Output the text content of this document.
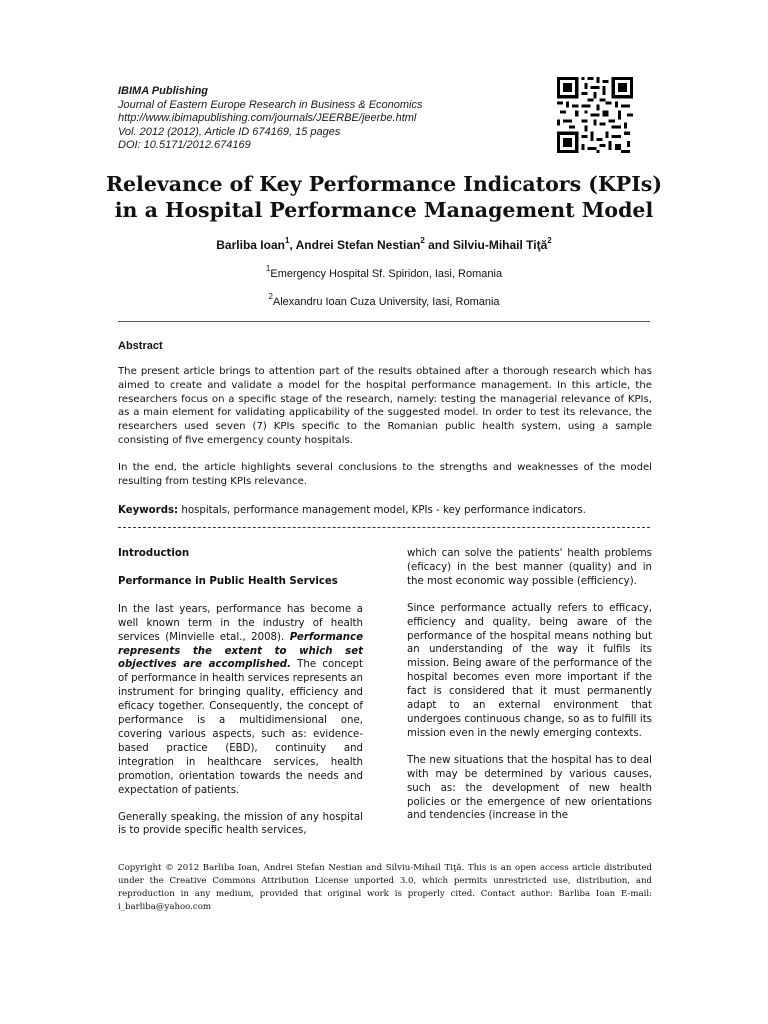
IBIMA Publishing
Journal of Eastern Europe Research in Business & Economics
http://www.ibimapublishing.com/journals/JEERBE/jeerbe.html
Vol. 2012 (2012), Article ID 674169, 15 pages
DOI: 10.5171/2012.674169
Relevance of Key Performance Indicators (KPIs)
in a Hospital Performance Management Model
Barliba Ioan$^1$, Andrei Stefan Nestian$^2$ and Silviu-Mihail Tiţă$^2$
$^1$Emergency Hospital Sf. Spiridon, Iasi, Romania
$^2$Alexandru Ioan Cuza University, Iasi, Romania
Abstract

The present article brings to attention part of the results obtained after a thorough research which has aimed to create and validate a model for the hospital performance management. In this article, the researchers focus on a specific stage of the research, namely: testing the managerial relevance of KPIs, as a main element for validating applicability of the suggested model. In order to test its relevance, the researchers used seven (7) KPIs specific to the Romanian public health system, using a sample consisting of five emergency county hospitals.

In the end, the article highlights several conclusions to the strengths and weaknesses of the model resulting from testing KPIs relevance.

Keywords: hospitals, performance management model, KPIs - key performance indicators.

Introduction

Performance in Public Health Services

In the last years, performance has become a well known term in the industry of health services (Minvielle etal., 2008). Performance represents the extent to which set objectives are accomplished. The concept of performance in health services represents an instrument for bringing quality, efficiency and eficacy together. Consequently, the concept of performance is a multidimensional one, covering various aspects, such as: evidence-based practice (EBD), continuity and integration in healthcare services, health promotion, orientation towards the needs and expectation of patients.

Generally speaking, the mission of any hospital is to provide specific health services,

which can solve the patients' health problems (eficacy) in the best manner (quality) and in the most economic way possible (efficiency).

Since performance actually refers to efficacy, efficiency and quality, being aware of the performance of the hospital means nothing but an understanding of the way it fulfils its mission. Being aware of the performance of the hospital becomes even more important if the fact is considered that it must permanently adapt to an external environment that undergoes continuous change, so as to fulfill its mission even in the newly emerging contexts.

The new situations that the hospital has to deal with may be determined by various causes, such as: the development of new health policies or the emergence of new orientations and tendencies (increase in the

Copyright © 2012 Barliba Ioan, Andrei Stefan Nestian and Silviu-Mihail Tiţă. This is an open access article distributed under the Creative Commons Attribution License unported 3.0, which permits unrestricted use, distribution, and reproduction in any medium, provided that original work is properly cited. Contact author: Barliba Ioan E-mail: i_barliba@yahoo.com
